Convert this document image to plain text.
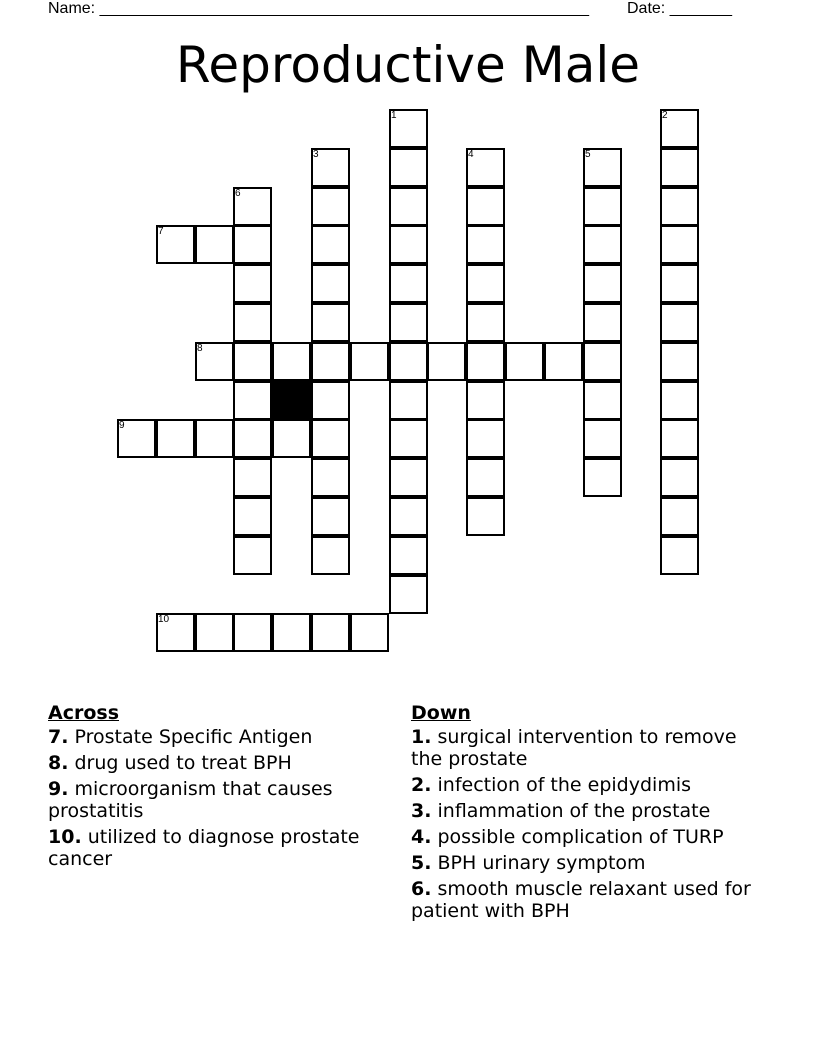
Name: _______________________________________________________ Date: _______
Reproductive Male
1	2
3	4	5
6
7
8
9
10
Across
7. Prostate Specific Antigen
8. drug used to treat BPH
9. microorganism that causes prostatitis
10. utilized to diagnose prostate cancer
Down
1. surgical intervention to remove the prostate
2. infection of the epidydimis
3. inflammation of the prostate
4. possible complication of TURP
5. BPH urinary symptom
6. smooth muscle relaxant used for patient with BPH
